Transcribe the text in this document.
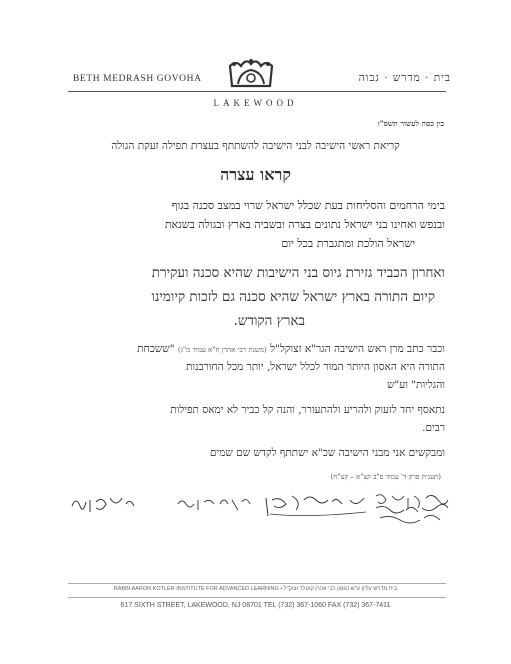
BETH MEDRASH GOVOHA	בית · מדרש · גבוה
LAKEWOOD
בין כסה לעשור תשס"ו
קריאת ראשי הישיבה לבני הישיבה להשתתף בעצרת תפילה זעקת הגולה
קראו עצרה
בימי הרחמים והסליחות בעת שכלל ישראל שרוי במצב סכנה בגוף
ובנפש ואחינו בני ישראל נתונים בצרה ובשביה בארץ ובגולה בשנאת
ישראל הולכת ומתגברת בכל יום
ואחרון הכביד גזירת גיוס בני הישיבות שהיא סכנה ועקירת
קיום התורה בארץ ישראל שהיא סכנה גם לזכות קיומינו
בארץ הקודש.
וכבר כתב מרן ראש הישיבה הגר"א זצוקל"ל (משנת רבי אהרן ח"א עמוד מ"ג) "ששכחת
התורה היא האסון היותר המור לכלל ישראל, יותר מכל החורבנות
והגליות" וע"ש
נתאסף יחד לזעוק ולהריע ולהתעורר, והנה קל כביר לא ימאס תפילות
רבים.
ומבקשים אני מבני הישיבה שכ"א ישתתף לקדש שם שמים
(תענית פרק ד' עמוד פ"ב קצ"א – קצ"ח)
RABBI AARON KOTLER INSTITUTE FOR ADVANCED LEARNING • בית מדרש עליון ע"ש הגאון רבי אהרן קוטלר זצוק"ל
617 SIXTH STREET, LAKEWOOD, NJ 08701 TEL (732) 367-1060 FAX (732) 367-7411
